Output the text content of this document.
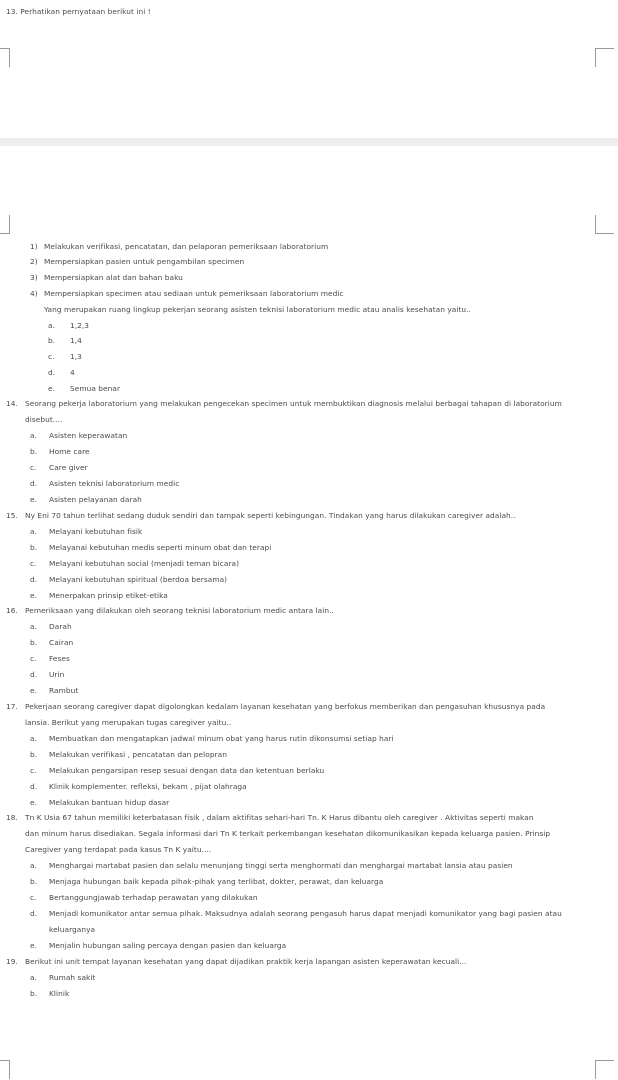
13. Perhatikan pernyataan berikut ini !
1) Melakukan verifikasi, pencatatan, dan pelaporan pemeriksaan laboratorium
2) Mempersiapkan pasien untuk pengambilan specimen
3) Mempersiapkan alat dan bahan baku
4) Mempersiapkan specimen atau sediaan untuk pemeriksaan laboratorium medic
Yang merupakan ruang lingkup pekerjan seorang asisten teknisi laboratorium medic atau analis kesehatan yaitu..
a. 1,2,3
b. 1,4
c. 1,3
d. 4
e. Semua benar
14. Seorang pekerja laboratorium yang melakukan pengecekan specimen untuk membuktikan diagnosis melalui berbagai tahapan di laboratorium
disebut....
a. Asisten keperawatan
b. Home care
c. Care giver
d. Asisten teknisi laboratorium medic
e. Asisten pelayanan darah
15. Ny Eni 70 tahun terlihat sedang duduk sendiri dan tampak seperti kebingungan. Tindakan yang harus dilakukan caregiver adalah..
a. Melayani kebutuhan fisik
b. Melayanai kebutuhan medis seperti minum obat dan terapi
c. Melayani kebutuhan social (menjadi teman bicara)
d. Melayani kebutuhan spiritual (berdoa bersama)
e. Menerpakan prinsip etiket-etika
16. Pemeriksaan yang dilakukan oleh seorang teknisi laboratorium medic antara lain..
a. Darah
b. Cairan
c. Feses
d. Urin
e. Rambut
17. Pekerjaan seorang caregiver dapat digolongkan kedalam layanan kesehatan yang berfokus memberikan dan pengasuhan khususnya pada
lansia. Berikut yang merupakan tugas caregiver yaitu..
a. Membuatkan dan mengatapkan jadwal minum obat yang harus rutin dikonsumsi setiap hari
b. Melakukan verifikasi , pencatatan dan pelopran
c. Melakukan pengarsipan resep sesuai dengan data dan ketentuan berlaku
d. Klinik komplementer. refleksi, bekam , pijat olahraga
e. Melakukan bantuan hidup dasar
18. Tn K Usia 67 tahun memiliki keterbatasan fisik , dalam aktifitas sehari-hari Tn. K Harus dibantu oleh caregiver . Aktivitas seperti makan
dan minum harus disediakan. Segala informasi dari Tn K terkait perkembangan kesehatan dikomunikasikan kepada keluarga pasien. Prinsip
Caregiver yang terdapat pada kasus Tn K yaitu....
a. Menghargai martabat pasien dan selalu menunjang tinggi serta menghormati dan menghargai martabat lansia atau pasien
b. Menjaga hubungan baik kepada pihak-pihak yang terlibat, dokter, perawat, dan keluarga
c. Bertanggungjawab terhadap perawatan yang dilakukan
d. Menjadi komunikator antar semua pihak. Maksudnya adalah seorang pengasuh harus dapat menjadi komunikator yang bagi pasien atau
keluarganya
e. Menjalin hubungan saling percaya dengan pasien dan keluarga
19. Berikut ini unit tempat layanan kesehatan yang dapat dijadikan praktik kerja lapangan asisten keperawatan kecuali...
a. Rumah sakit
b. Klinik
